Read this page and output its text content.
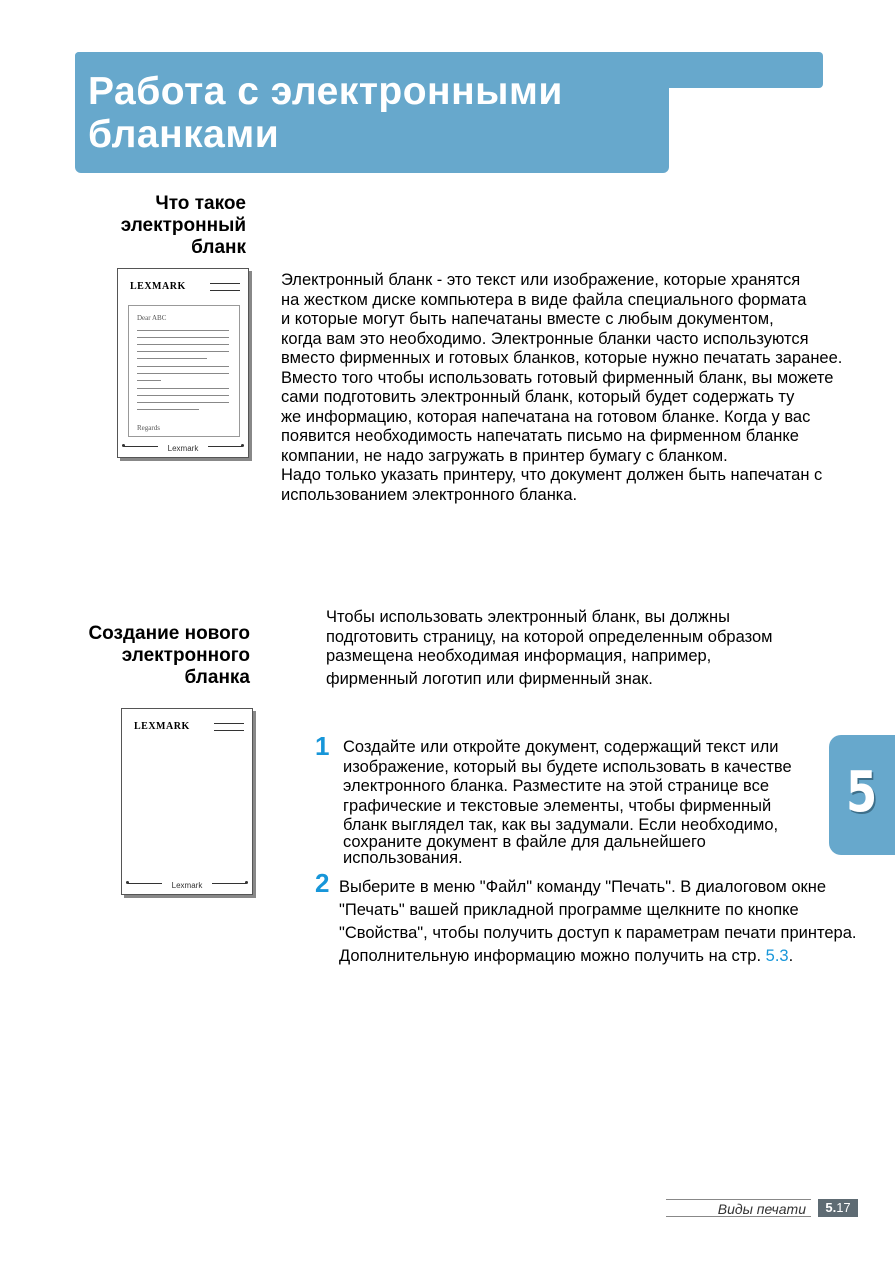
Работа с электронными
бланками
Что такое
электронный
бланк
LEXMARK
Dear ABC
Regards
Lexmark

Электронный бланк - это текст или изображение, которые хранятся

на жестком диске компьютера в виде файла специального формата

и которые могут быть напечатаны вместе с любым документом,

когда вам это необходимо. Электронные бланки часто используются

вместо фирменных и готовых бланков, которые нужно печатать заранее.

Вместо того чтобы использовать готовый фирменный бланк, вы можете

сами подготовить электронный бланк, который будет содержать ту

же информацию, которая напечатана на готовом бланке. Когда у вас

появится необходимость напечатать письмо на фирменном бланке

компании, не надо загружать в принтер бумагу с бланком.

Надо только указать принтеру, что документ должен быть напечатан с

использованием электронного бланка.

Создание нового
электронного
бланка

Чтобы использовать электронный бланк, вы должны

подготовить страницу, на которой определенным образом

размещена необходимая информация, например,

фирменный логотип или фирменный знак.

LEXMARK
Lexmark
1 Создайте или откройте документ, содержащий текст или
изображение, который вы будете использовать в качестве
электронного бланка. Разместите на этой странице все
графические и текстовые элементы, чтобы фирменный
бланк выглядел так, как вы задумали. Если необходимо,
сохраните документ в файле для дальнейшего
использования.
2 Выберите в меню "Файл" команду "Печать". В диалоговом окне
"Печать" вашей прикладной программе щелкните по кнопке
"Свойства", чтобы получить доступ к параметрам печати принтера.
Дополнительную информацию можно получить на стр. 5.3.
5
Виды печати	5.17
